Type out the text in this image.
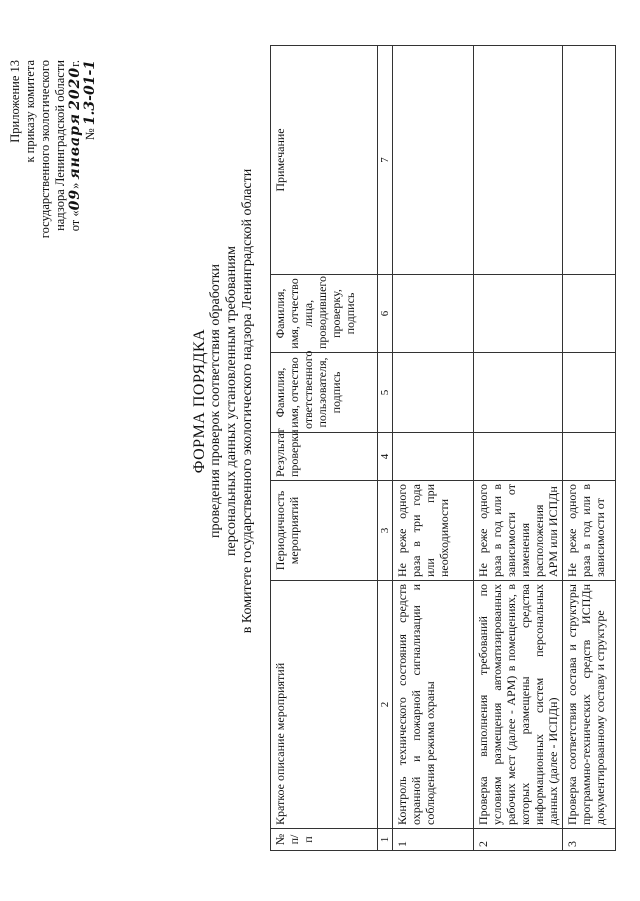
Приложение 13 к приказу комитета государственного экологического надзора Ленинградской области от «09» января 2020г.
№ 1.3-01-1
ФОРМА ПОРЯДКА проведения проверок соответствия обработки персональных данных установленным требованиям в Комитете государственного экологического надзора Ленинградской области
№ п/п	Краткое описание мероприятий	Периодичность мероприятий	Результат проверки	Фамилия, имя, отчество ответственного пользователя, подпись	Фамилия, имя, отчество лица, проводившего проверку, подпись	Примечание
1	2	3	4	5	6	7
1	Контроль технического состояния средств охранной и пожарной сигнализации и соблюдения режима охраны	Не реже одного раза в три года или при необходимости				
2	Проверка выполнения требований по условиям размещения автоматизированных рабочих мест (далее - АРМ) в помещениях, в которых размещены средства информационных систем персональных данных (далее - ИСПДн)	Не реже одного раза в год или в зависимости от изменения расположения АРМ или ИСПДн				
3	Проверка соответствия состава и структуры программно-технических средств ИСПДн документированному составу и структуре	Не реже одного раза в год или в зависимости от				
